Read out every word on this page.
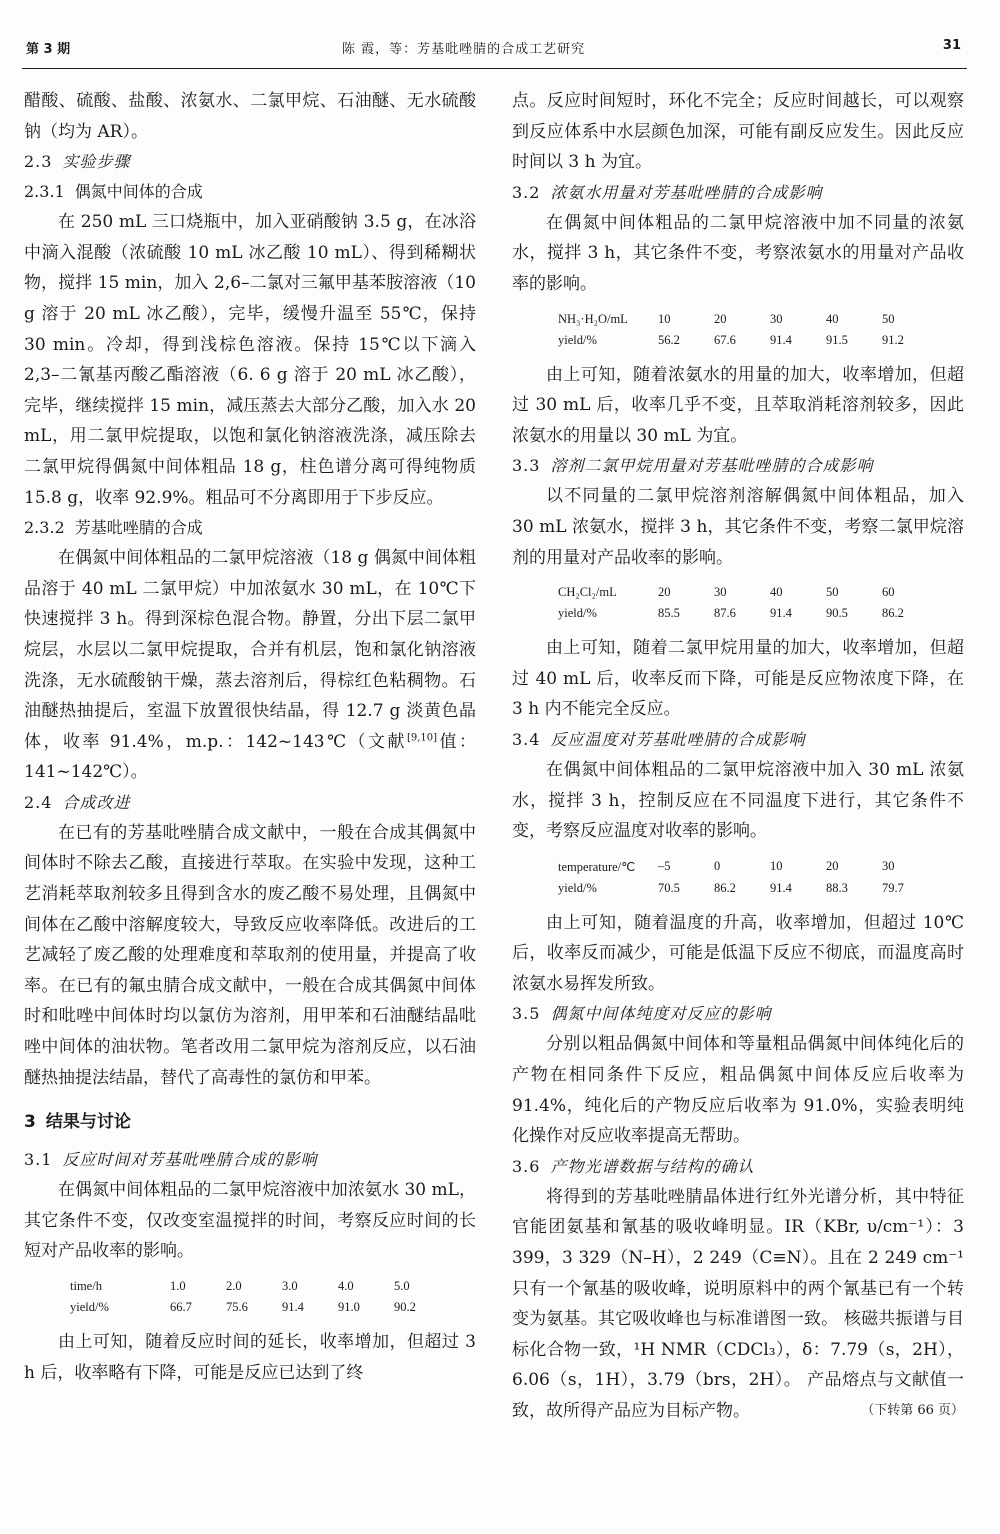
第 3 期	陈 霞，等：芳基吡唑腈的合成工艺研究	31

醋酸、硫酸、盐酸、浓氨水、二氯甲烷、石油醚、无水硫酸钠（均为 AR）。

2.3 实验步骤
2.3.1 偶氮中间体的合成

在 250 mL 三口烧瓶中，加入亚硝酸钠 3.5 g，在冰浴中滴入混酸（浓硫酸 10 mL 冰乙酸 10 mL）、得到稀糊状物，搅拌 15 min，加入 2,6–二氯对三氟甲基苯胺溶液（10 g 溶于 20 mL 冰乙酸），完毕，缓慢升温至 55℃，保持 30 min。冷却，得到浅棕色溶液。保持 15℃以下滴入 2,3–二氰基丙酸乙酯溶液（6. 6 g 溶于 20 mL 冰乙酸），完毕，继续搅拌 15 min，减压蒸去大部分乙酸，加入水 20 mL，用二氯甲烷提取，以饱和氯化钠溶液洗涤，减压除去二氯甲烷得偶氮中间体粗品 18 g，柱色谱分离可得纯物质 15.8 g，收率 92.9%。粗品可不分离即用于下步反应。

2.3.2 芳基吡唑腈的合成

在偶氮中间体粗品的二氯甲烷溶液（18 g 偶氮中间体粗品溶于 40 mL 二氯甲烷）中加浓氨水 30 mL，在 10℃下快速搅拌 3 h。得到深棕色混合物。静置，分出下层二氯甲烷层，水层以二氯甲烷提取，合并有机层，饱和氯化钠溶液洗涤，无水硫酸钠干燥，蒸去溶剂后，得棕红色粘稠物。石油醚热抽提后，室温下放置很快结晶，得 12.7 g 淡黄色晶体，收率 91.4%，m.p.：142~143℃（文献[9,10]值：141~142℃）。

2.4 合成改进

在已有的芳基吡唑腈合成文献中，一般在合成其偶氮中间体时不除去乙酸，直接进行萃取。在实验中发现，这种工艺消耗萃取剂较多且得到含水的废乙酸不易处理，且偶氮中间体在乙酸中溶解度较大，导致反应收率降低。改进后的工艺减轻了废乙酸的处理难度和萃取剂的使用量，并提高了收率。在已有的氟虫腈合成文献中，一般在合成其偶氮中间体时和吡唑中间体时均以氯仿为溶剂，用甲苯和石油醚结晶吡唑中间体的油状物。笔者改用二氯甲烷为溶剂反应，以石油醚热抽提法结晶，替代了高毒性的氯仿和甲苯。

3 结果与讨论
3.1 反应时间对芳基吡唑腈合成的影响

在偶氮中间体粗品的二氯甲烷溶液中加浓氨水 30 mL，其它条件不变，仅改变室温搅拌的时间，考察反应时间的长短对产品收率的影响。

time/h	1.0	2.0	3.0	4.0	5.0
yield/%	66.7	75.6	91.4	91.0	90.2

由上可知，随着反应时间的延长，收率增加，但超过 3 h 后，收率略有下降，可能是反应已达到了终

点。反应时间短时，环化不完全；反应时间越长，可以观察到反应体系中水层颜色加深，可能有副反应发生。因此反应时间以 3 h 为宜。

3.2 浓氨水用量对芳基吡唑腈的合成影响

在偶氮中间体粗品的二氯甲烷溶液中加不同量的浓氨水，搅拌 3 h，其它条件不变，考察浓氨水的用量对产品收率的影响。

NH₃·H₂O/mL	10	20	30	40	50
yield/%	56.2	67.6	91.4	91.5	91.2

由上可知，随着浓氨水的用量的加大，收率增加，但超过 30 mL 后，收率几乎不变，且萃取消耗溶剂较多，因此浓氨水的用量以 30 mL 为宜。

3.3 溶剂二氯甲烷用量对芳基吡唑腈的合成影响

以不同量的二氯甲烷溶剂溶解偶氮中间体粗品，加入 30 mL 浓氨水，搅拌 3 h，其它条件不变，考察二氯甲烷溶剂的用量对产品收率的影响。

CH₂Cl₂/mL	20	30	40	50	60
yield/%	85.5	87.6	91.4	90.5	86.2

由上可知，随着二氯甲烷用量的加大，收率增加，但超过 40 mL 后，收率反而下降，可能是反应物浓度下降，在 3 h 内不能完全反应。

3.4 反应温度对芳基吡唑腈的合成影响

在偶氮中间体粗品的二氯甲烷溶液中加入 30 mL 浓氨水，搅拌 3 h，控制反应在不同温度下进行，其它条件不变，考察反应温度对收率的影响。

temperature/℃	–5	0	10	20	30
yield/%	70.5	86.2	91.4	88.3	79.7

由上可知，随着温度的升高，收率增加，但超过 10℃后，收率反而减少，可能是低温下反应不彻底，而温度高时浓氨水易挥发所致。

3.5 偶氮中间体纯度对反应的影响

分别以粗品偶氮中间体和等量粗品偶氮中间体纯化后的产物在相同条件下反应，粗品偶氮中间体反应后收率为 91.4%，纯化后的产物反应后收率为 91.0%，实验表明纯化操作对反应收率提高无帮助。

3.6 产物光谱数据与结构的确认

将得到的芳基吡唑腈晶体进行红外光谱分析，其中特征官能团氨基和氰基的吸收峰明显。IR（KBr, υ/cm⁻¹）：3 399，3 329（N–H），2 249（C≡N）。且在 2 249 cm⁻¹ 只有一个氰基的吸收峰，说明原料中的两个氰基已有一个转变为氨基。其它吸收峰也与标准谱图一致。 核磁共振谱与目标化合物一致，¹H NMR（CDCl₃），δ：7.79（s，2H），6.06（s，1H），3.79（brs，2H）。 产品熔点与文献值一致，故所得产品应为目标产物。	（下转第 66 页）
